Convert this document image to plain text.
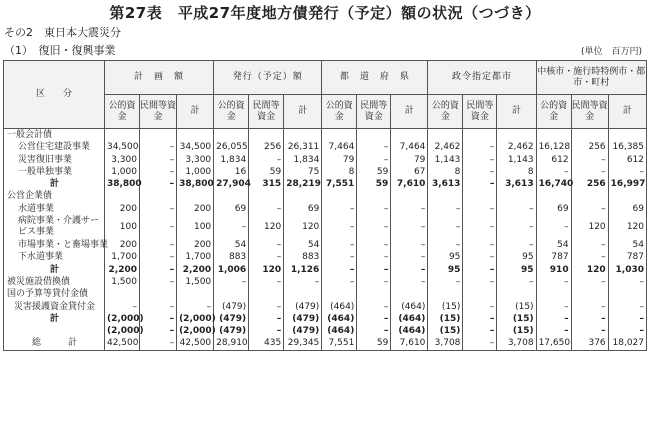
第27表　平成27年度地方債発行（予定）額の状況（つづき）
その2　東日本大震災分
（1）　復旧・復興事業	(単位　百万円)
区　　分	計　画　額			発行（予定）額			都　道　府　県			政令指定都市			中核市・施行時特例市・都市・町村		
	公的資金	民間等資金	計	公的資金	民間等資金	計	公的資金	民間等資金	計	公的資金	民間等資金	計	公的資金	民間等資金	計
一般会計債															
公営住宅建設事業	34,500	–	34,500	26,055	256	26,311	7,464	–	7,464	2,462	–	2,462	16,128	256	16,385
災害復旧事業	3,300	–	3,300	1,834	–	1,834	79	–	79	1,143	–	1,143	612	–	612
一般単独事業	1,000	–	1,000	16	59	75	8	59	67	8	–	8	–	–	–
計	38,800	–	38,800	27,904	315	28,219	7,551	59	7,610	3,613	–	3,613	16,740	256	16,997
公営企業債															
水道事業	200	–	200	69	–	69	–	–	–	–	–	–	69	–	69
病院事業・介護サービス事業	100	–	100	–	120	120	–	–	–	–	–	–	–	120	120
市場事業・と畜場事業	200	–	200	54	–	54	–	–	–	–	–	–	54	–	54
下水道事業	1,700	–	1,700	883	–	883	–	–	–	95	–	95	787	–	787
計	2,200	–	2,200	1,006	120	1,126	–	–	–	95	–	95	910	120	1,030
被災施設借換債	1,500	–	1,500	–	–	–	–	–	–	–	–	–	–	–	–
国の予算等貸付金債															
災害援護資金貸付金	–	–	–	(479)	–	(479)	(464)	–	(464)	(15)	–	(15)	–	–	–
計	(2,000)	–	(2,000)	(479)	–	(479)	(464)	–	(464)	(15)	–	(15)	–	–	–
	(2,000)	–	(2,000)	(479)	–	(479)	(464)	–	(464)	(15)	–	(15)	–	–	–
総　　　計	42,500	–	42,500	28,910	435	29,345	7,551	59	7,610	3,708	–	3,708	17,650	376	18,027
